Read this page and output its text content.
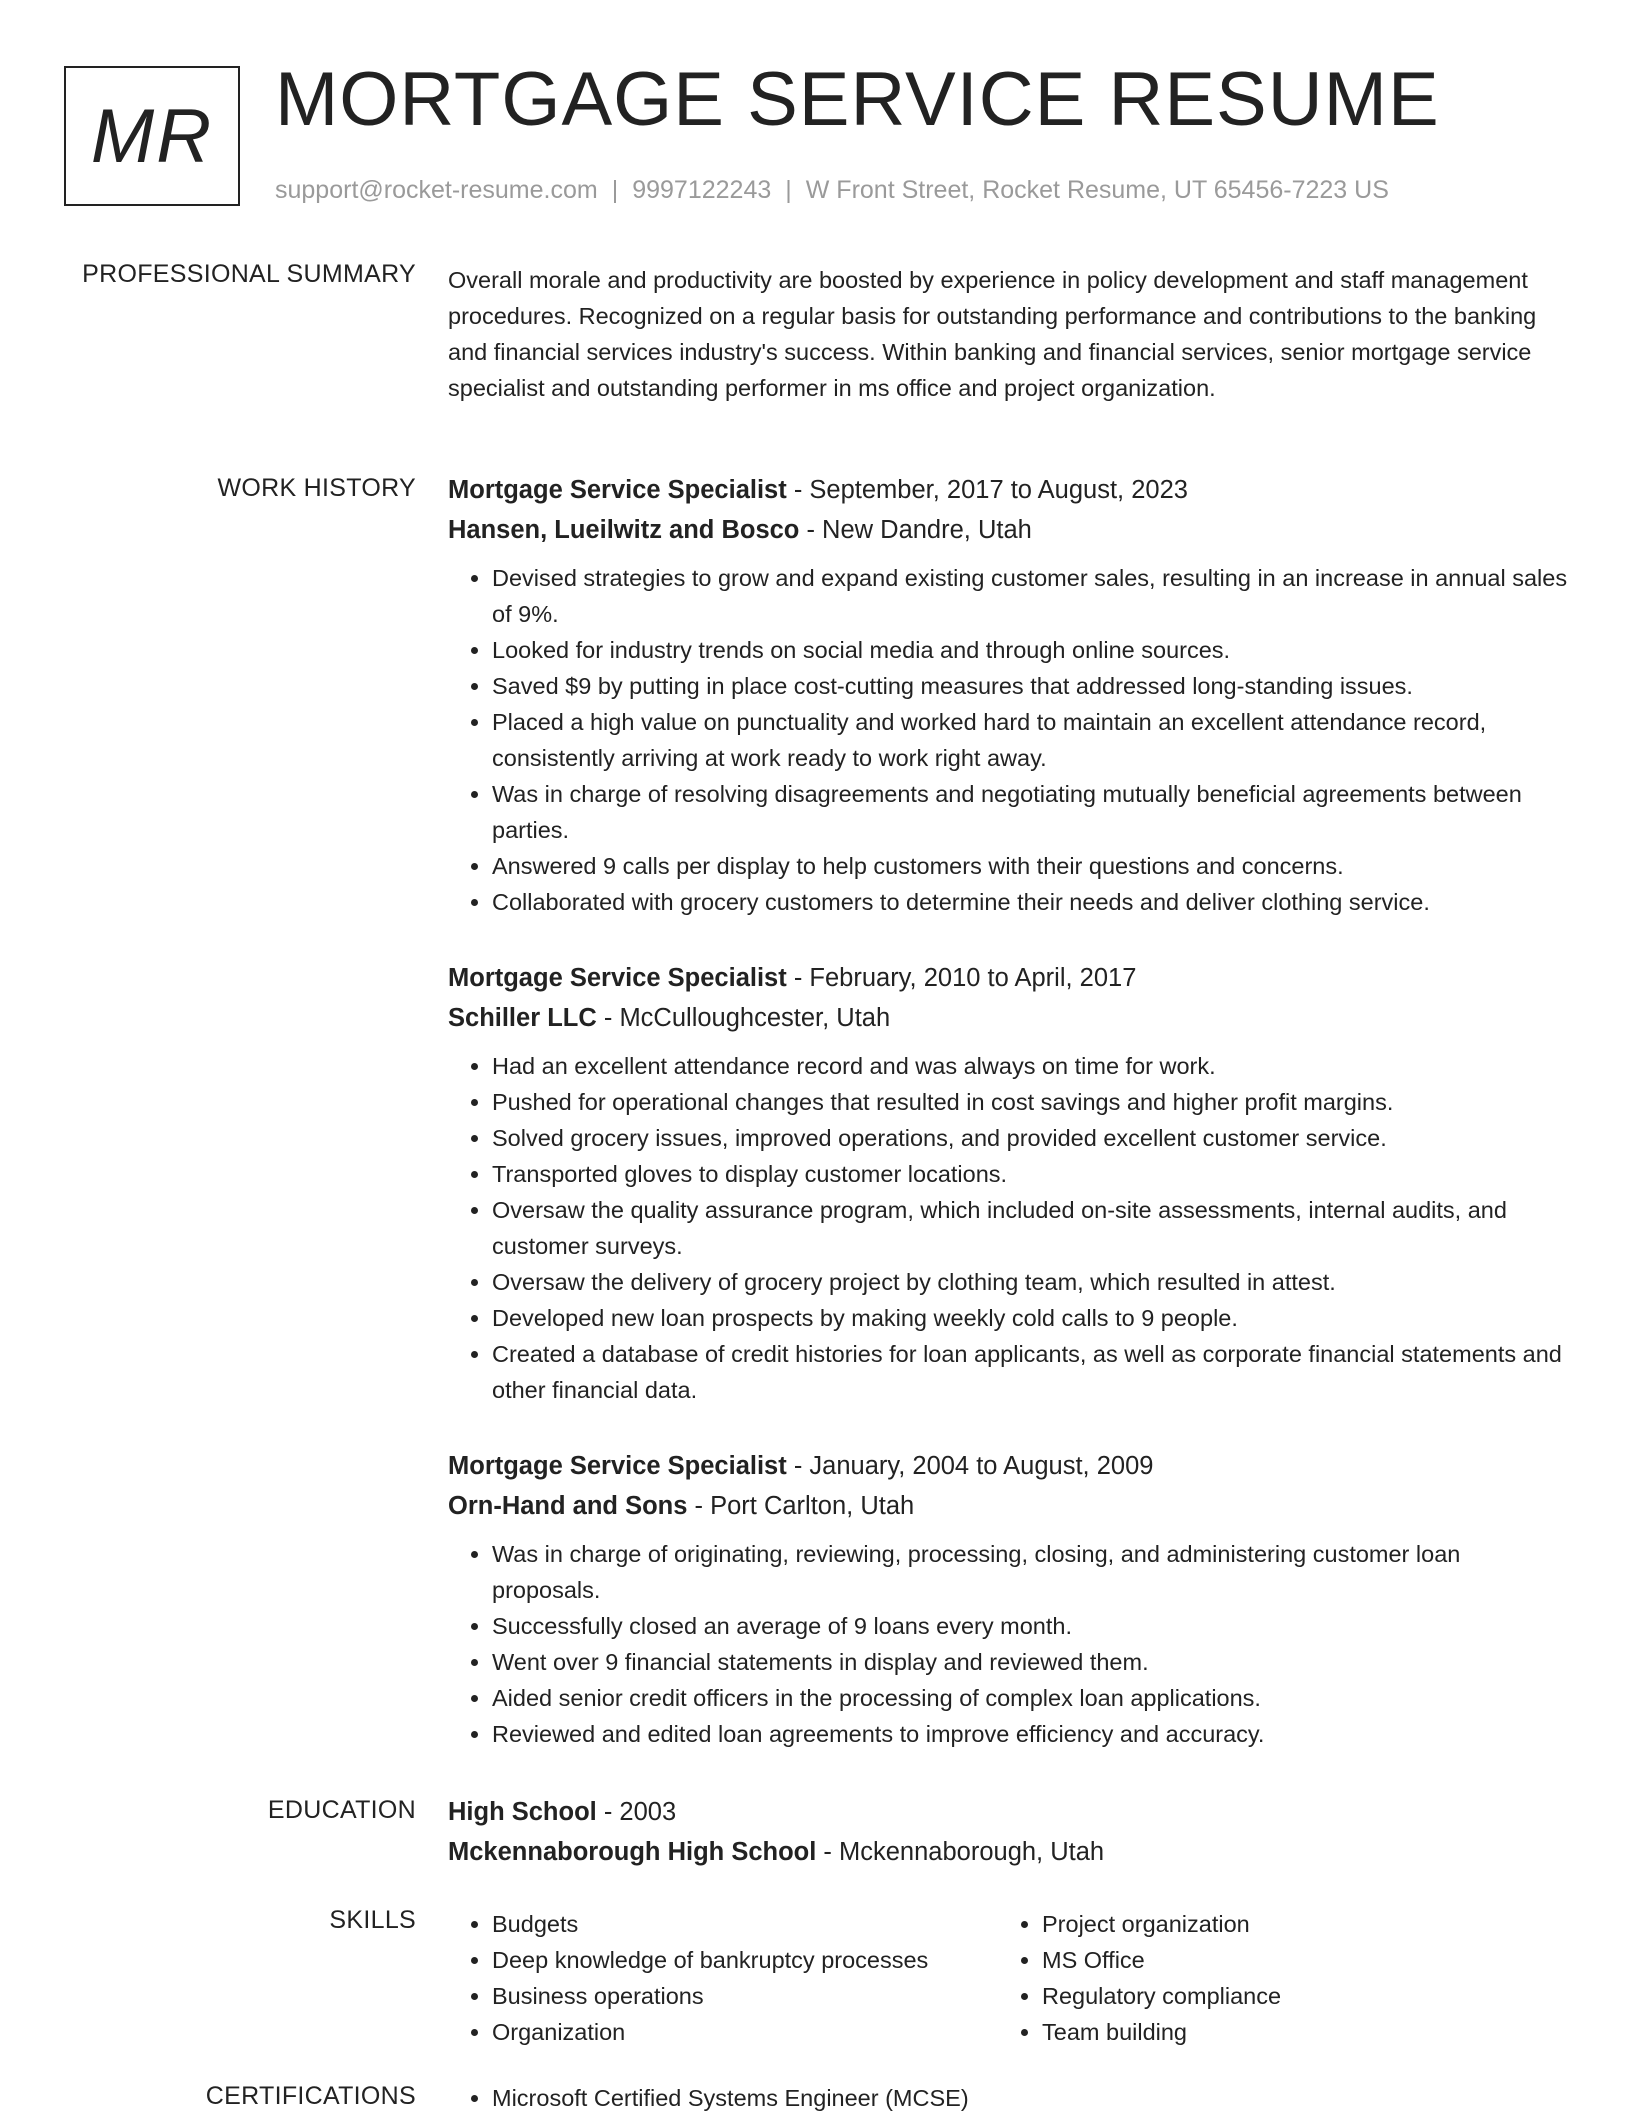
MR MORTGAGE SERVICE RESUME
support@rocket-resume.com | 9997122243 | W Front Street, Rocket Resume, UT 65456-7223 US
PROFESSIONAL SUMMARY Overall morale and productivity are boosted by experience in policy development and staff management procedures. Recognized on a regular basis for outstanding performance and contributions to the banking and financial services industry's success. Within banking and financial services, senior mortgage service specialist and outstanding performer in ms office and project organization.

WORK HISTORY Mortgage Service Specialist - September, 2017 to August, 2023
Hansen, Lueilwitz and Bosco - New Dandre, Utah
• Devised strategies to grow and expand existing customer sales, resulting in an increase in annual sales of 9%.
• Looked for industry trends on social media and through online sources.
• Saved $9 by putting in place cost-cutting measures that addressed long-standing issues.
• Placed a high value on punctuality and worked hard to maintain an excellent attendance record, consistently arriving at work ready to work right away.
• Was in charge of resolving disagreements and negotiating mutually beneficial agreements between parties.
• Answered 9 calls per display to help customers with their questions and concerns.
• Collaborated with grocery customers to determine their needs and deliver clothing service.
Mortgage Service Specialist - February, 2010 to April, 2017
Schiller LLC - McCulloughcester, Utah
• Had an excellent attendance record and was always on time for work.
• Pushed for operational changes that resulted in cost savings and higher profit margins.
• Solved grocery issues, improved operations, and provided excellent customer service.
• Transported gloves to display customer locations.
• Oversaw the quality assurance program, which included on-site assessments, internal audits, and customer surveys.
• Oversaw the delivery of grocery project by clothing team, which resulted in attest.
• Developed new loan prospects by making weekly cold calls to 9 people.
• Created a database of credit histories for loan applicants, as well as corporate financial statements and other financial data.
Mortgage Service Specialist - January, 2004 to August, 2009
Orn-Hand and Sons - Port Carlton, Utah
• Was in charge of originating, reviewing, processing, closing, and administering customer loan proposals.
• Successfully closed an average of 9 loans every month.
• Went over 9 financial statements in display and reviewed them.
• Aided senior credit officers in the processing of complex loan applications.
• Reviewed and edited loan agreements to improve efficiency and accuracy.
EDUCATION High School - 2003
Mckennaborough High School - Mckennaborough, Utah
SKILLS	• Budgets
• Deep knowledge of bankruptcy processes
• Business operations
• Organization
• Project organization
• MS Office
• Regulatory compliance
• Team building
CERTIFICATIONS	• Microsoft Certified Systems Engineer (MCSE)
